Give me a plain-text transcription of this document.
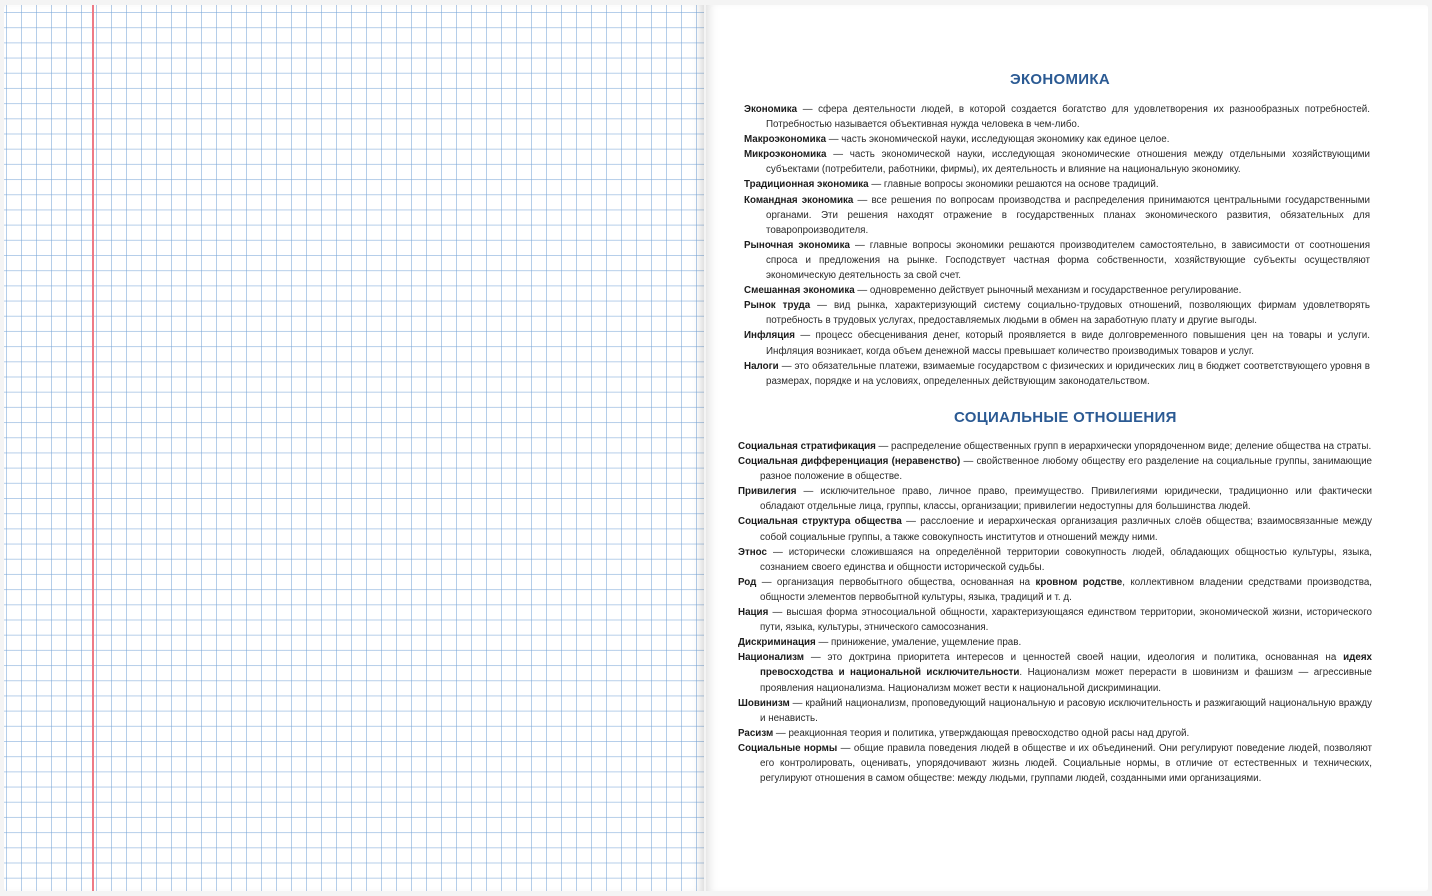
ЭКОНОМИКА

Экономика — сфера деятельности людей, в которой создается богатство для удовлетворения их разнообразных потребностей. Потребностью называется объективная нужда человека в чем-либо.

Макроэкономика — часть экономической науки, исследующая экономику как единое целое.

Микроэкономика — часть экономической науки, исследующая экономические отношения между отдельными хозяйствующими субъектами (потребители, работники, фирмы), их деятельность и влияние на национальную экономику.

Традиционная экономика — главные вопросы экономики решаются на основе традиций.

Командная экономика — все решения по вопросам производства и распределения принимаются центральными государственными органами. Эти решения находят отражение в государственных планах экономического развития, обязательных для товаропроизводителя.

Рыночная экономика — главные вопросы экономики решаются производителем самостоятельно, в зависимости от соотношения спроса и предложения на рынке. Господствует частная форма собственности, хозяйствующие субъекты осуществляют экономическую деятельность за свой счет.

Смешанная экономика — одновременно действует рыночный механизм и государственное регулирование.

Рынок труда — вид рынка, характеризующий систему социально-трудовых отношений, позволяющих фирмам удовлетворять потребность в трудовых услугах, предоставляемых людьми в обмен на заработную плату и другие выгоды.

Инфляция — процесс обесценивания денег, который проявляется в виде долговременного повышения цен на товары и услуги. Инфляция возникает, когда объем денежной массы превышает количество производимых товаров и услуг.

Налоги — это обязательные платежи, взимаемые государством с физических и юридических лиц в бюджет соответствующего уровня в размерах, порядке и на условиях, определенных действующим законодательством.

СОЦИАЛЬНЫЕ ОТНОШЕНИЯ

Социальная стратификация — распределение общественных групп в иерархически упорядоченном виде; деление общества на страты.

Социальная дифференциация (неравенство) — свойственное любому обществу его разделение на социальные группы, занимающие разное положение в обществе.

Привилегия — исключительное право, личное право, преимущество. Привилегиями юридически, традиционно или фактически обладают отдельные лица, группы, классы, организации; привилегии недоступны для большинства людей.

Социальная структура общества — расслоение и иерархическая организация различных слоёв общества; взаимосвязанные между собой социальные группы, а также совокупность институтов и отношений между ними.

Этнос — исторически сложившаяся на определённой территории совокупность людей, обладающих общностью культуры, языка, сознанием своего единства и общности исторической судьбы.

Род — организация первобытного общества, основанная на кровном родстве, коллективном владении средствами производства, общности элементов первобытной культуры, языка, традиций и т. д.

Нация — высшая форма этносоциальной общности, характеризующаяся единством территории, экономической жизни, исторического пути, языка, культуры, этнического самосознания.

Дискриминация — принижение, умаление, ущемление прав.

Национализм — это доктрина приоритета интересов и ценностей своей нации, идеология и политика, основанная на идеях превосходства и национальной исключительности. Национализм может перерасти в шовинизм и фашизм — агрессивные проявления национализма. Национализм может вести к национальной дискриминации.

Шовинизм — крайний национализм, проповедующий национальную и расовую исключительность и разжигающий национальную вражду и ненависть.

Расизм — реакционная теория и политика, утверждающая превосходство одной расы над другой.

Социальные нормы — общие правила поведения людей в обществе и их объединений. Они регулируют поведение людей, позволяют его контролировать, оценивать, упорядочивают жизнь людей. Социальные нормы, в отличие от естественных и технических, регулируют отношения в самом обществе: между людьми, группами людей, созданными ими организациями.
